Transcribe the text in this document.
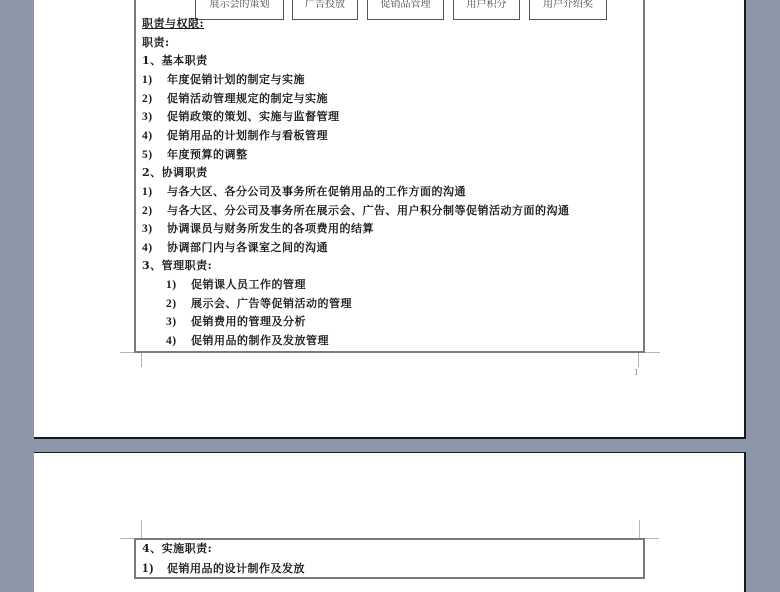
展示会的策划	广告投放	促销品管理	用户积分	用户介绍奖
职责与权限:
职责:
1、基本职责
1) 年度促销计划的制定与实施
2) 促销活动管理规定的制定与实施
3) 促销政策的策划、实施与监督管理
4) 促销用品的计划制作与看板管理
5) 年度预算的调整
2、协调职责
1) 与各大区、各分公司及事务所在促销用品的工作方面的沟通
2) 与各大区、分公司及事务所在展示会、广告、用户积分制等促销活动方面的沟通
3) 协调课员与财务所发生的各项费用的结算
4) 协调部门内与各课室之间的沟通
3、管理职责:
1) 促销课人员工作的管理
2) 展示会、广告等促销活动的管理
3) 促销费用的管理及分析
4) 促销用品的制作及发放管理
1
4、实施职责:
1) 促销用品的设计制作及发放
